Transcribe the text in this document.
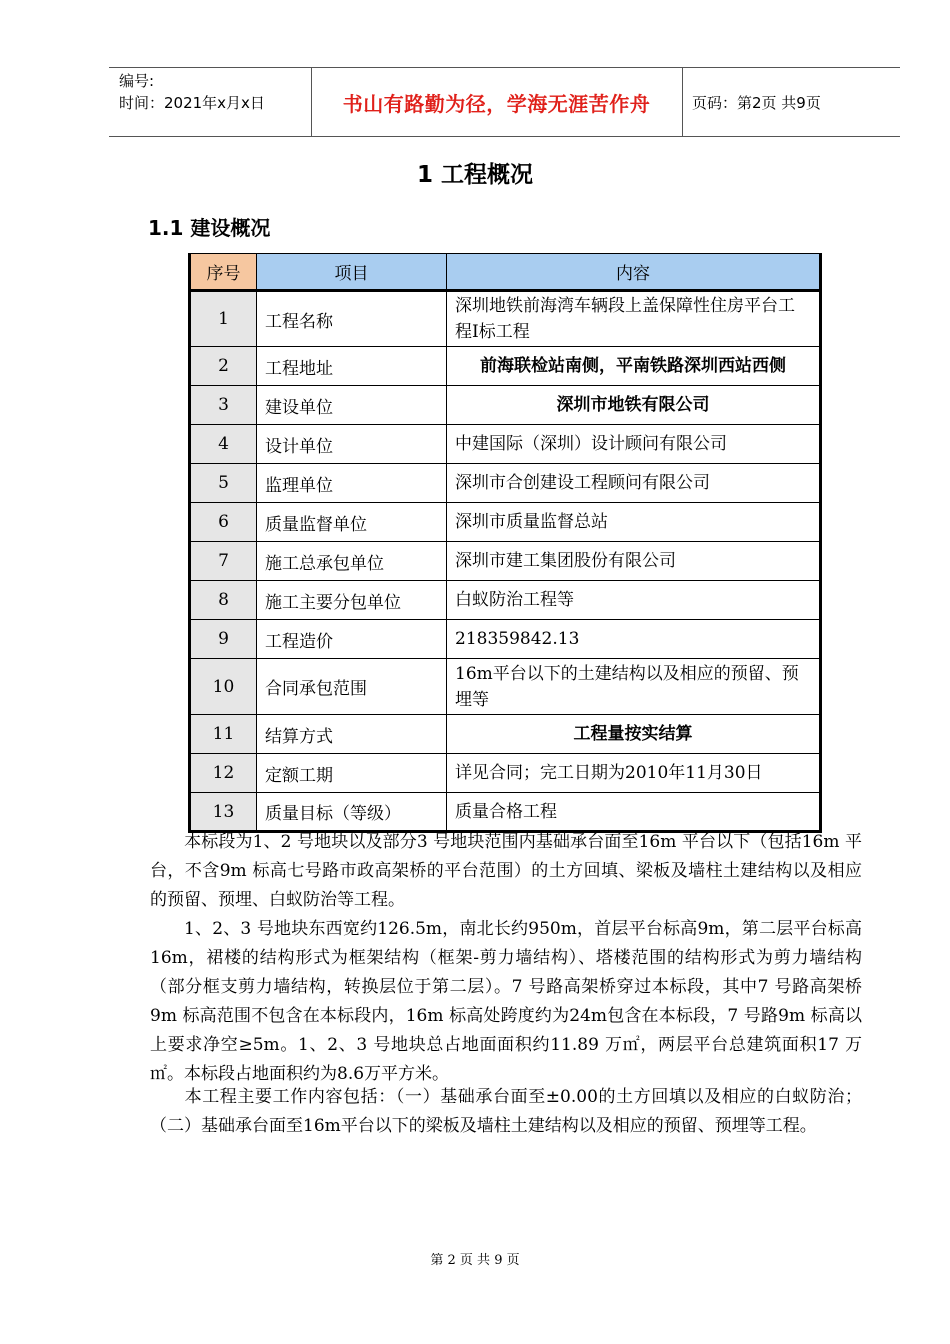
编号:
时间：2021年x月x日	书山有路勤为径，学海无涯苦作舟	页码：第2页 共9页
1 工程概况
1.1 建设概况
序号	项目	内容
1	工程名称	深圳地铁前海湾车辆段上盖保障性住房平台工程Ⅰ标工程
2	工程地址	前海联检站南侧，平南铁路深圳西站西侧
3	建设单位	深圳市地铁有限公司
4	设计单位	中建国际（深圳）设计顾问有限公司
5	监理单位	深圳市合创建设工程顾问有限公司
6	质量监督单位	深圳市质量监督总站
7	施工总承包单位	深圳市建工集团股份有限公司
8	施工主要分包单位	白蚁防治工程等
9	工程造价	218359842.13
10	合同承包范围	16m平台以下的土建结构以及相应的预留、预埋等
11	结算方式	工程量按实结算
12	定额工期	详见合同；完工日期为2010年11月30日
13	质量目标（等级）	质量合格工程

本标段为1、2 号地块以及部分3 号地块范围内基础承台面至16m 平台以下（包括16m 平台，不含9m 标高七号路市政高架桥的平台范围）的土方回填、梁板及墙柱土建结构以及相应的预留、预埋、白蚁防治等工程。

1、2、3 号地块东西宽约126.5m，南北长约950m，首层平台标高9m，第二层平台标高16m，裙楼的结构形式为框架结构（框架-剪力墙结构）、塔楼范围的结构形式为剪力墙结构（部分框支剪力墙结构，转换层位于第二层）。7 号路高架桥穿过本标段，其中7 号路高架桥9m 标高范围不包含在本标段内，16m 标高处跨度约为24m包含在本标段，7 号路9m 标高以上要求净空≥5m。1、2、3 号地块总占地面面积约11.89 万㎡，两层平台总建筑面积17 万㎡。本标段占地面积约为8.6万平方米。

本工程主要工作内容包括：（一）基础承台面至±0.00的土方回填以及相应的白蚁防治；（二）基础承台面至16m平台以下的梁板及墙柱土建结构以及相应的预留、预埋等工程。

第 2 页 共 9 页
